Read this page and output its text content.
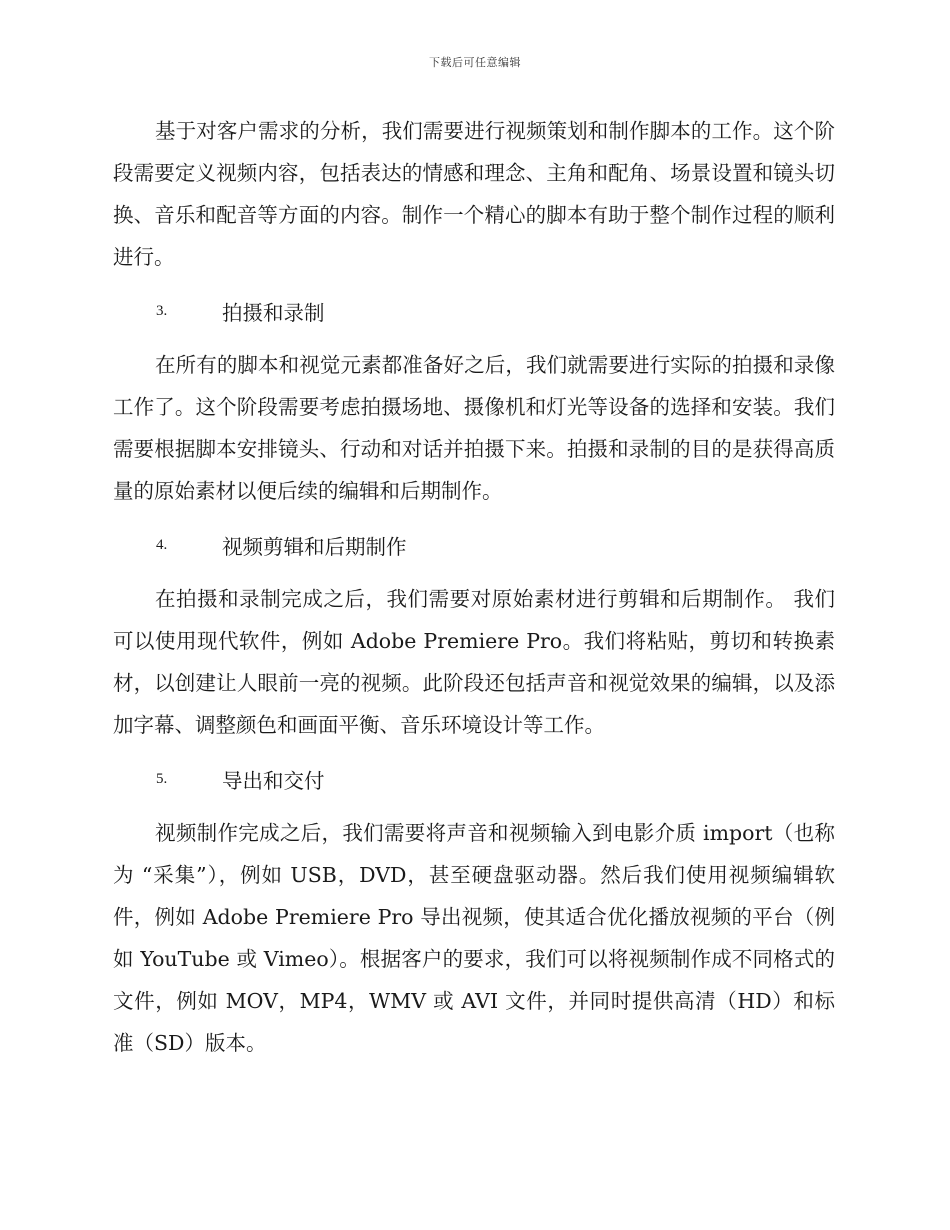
下载后可任意编辑

基于对客户需求的分析，我们需要进行视频策划和制作脚本的工作。这个阶段需要定义视频内容，包括表达的情感和理念、主角和配角、场景设置和镜头切换、音乐和配音等方面的内容。制作一个精心的脚本有助于整个制作过程的顺利进行。

3.	拍摄和录制

在所有的脚本和视觉元素都准备好之后，我们就需要进行实际的拍摄和录像工作了。这个阶段需要考虑拍摄场地、摄像机和灯光等设备的选择和安装。我们需要根据脚本安排镜头、行动和对话并拍摄下来。拍摄和录制的目的是获得高质量的原始素材以便后续的编辑和后期制作。

4.	视频剪辑和后期制作

在拍摄和录制完成之后，我们需要对原始素材进行剪辑和后期制作。 我们可以使用现代软件，例如 Adobe Premiere Pro。我们将粘贴，剪切和转换素材，以创建让人眼前一亮的视频。此阶段还包括声音和视觉效果的编辑，以及添加字幕、调整颜色和画面平衡、音乐环境设计等工作。

5.	导出和交付

视频制作完成之后，我们需要将声音和视频输入到电影介质 import（也称为 “采集”），例如 USB，DVD，甚至硬盘驱动器。然后我们使用视频编辑软件，例如 Adobe Premiere Pro 导出视频，使其适合优化播放视频的平台（例如 YouTube 或 Vimeo）。根据客户的要求，我们可以将视频制作成不同格式的文件，例如 MOV，MP4，WMV 或 AVI 文件，并同时提供高清（HD）和标准（SD）版本。
